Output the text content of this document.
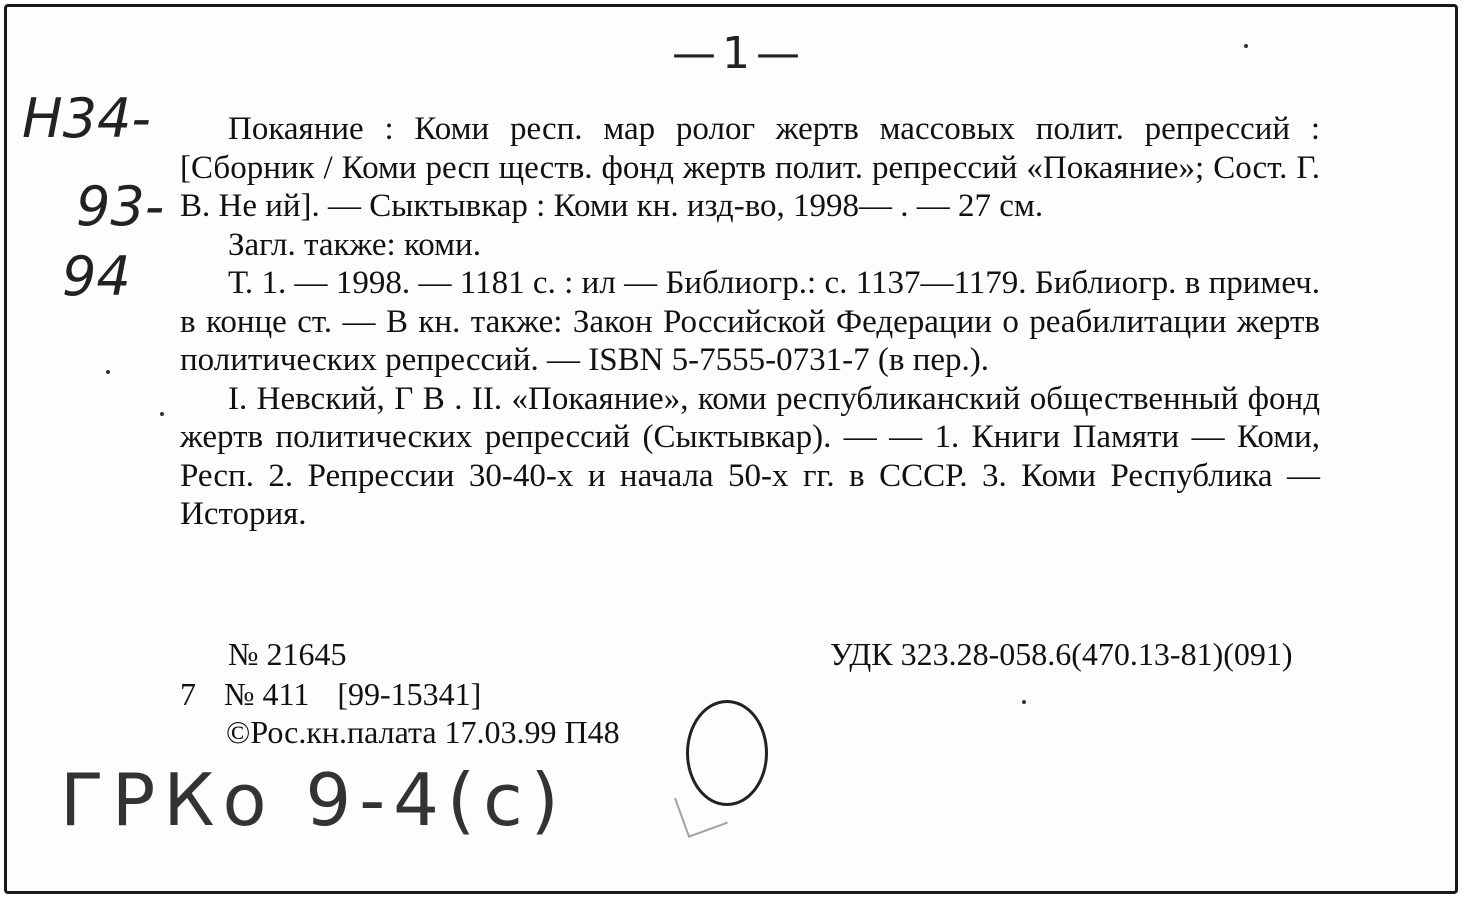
—1—
Н34-
93-
94

Покаяние : Коми респ. мар ролог жертв массовых полит. репрессий : [Сборник / Коми респ ществ. фонд жертв полит. репрессий «Покаяние»; Сост. Г. В. Не ий]. — Сыктывкар : Коми кн. изд-во, 1998— . — 27 см.

Загл. также: коми.

Т. 1. — 1998. — 1181 с. : ил — Библиогр.: с. 1137—1179. Библиогр. в примеч. в конце ст. — В кн. также: Закон Российской Федерации о реабилитации жертв политических репрессий. — ISBN 5-7555-0731-7 (в пер.).

I. Невский, Г В . II. «Покаяние», коми республиканский общественный фонд жертв политических репрессий (Сыктывкар). — — 1. Книги Памяти — Коми, Респ. 2. Репрессии 30-40-х и начала 50-х гг. в СССР. 3. Коми Республика — История.

№ 21645	УДК 323.28-058.6(470.13-81)(091)
7 № 411 [99-15341]
©Рос.кн.палата 17.03.99 П48
ГРКо 9-4(с)
